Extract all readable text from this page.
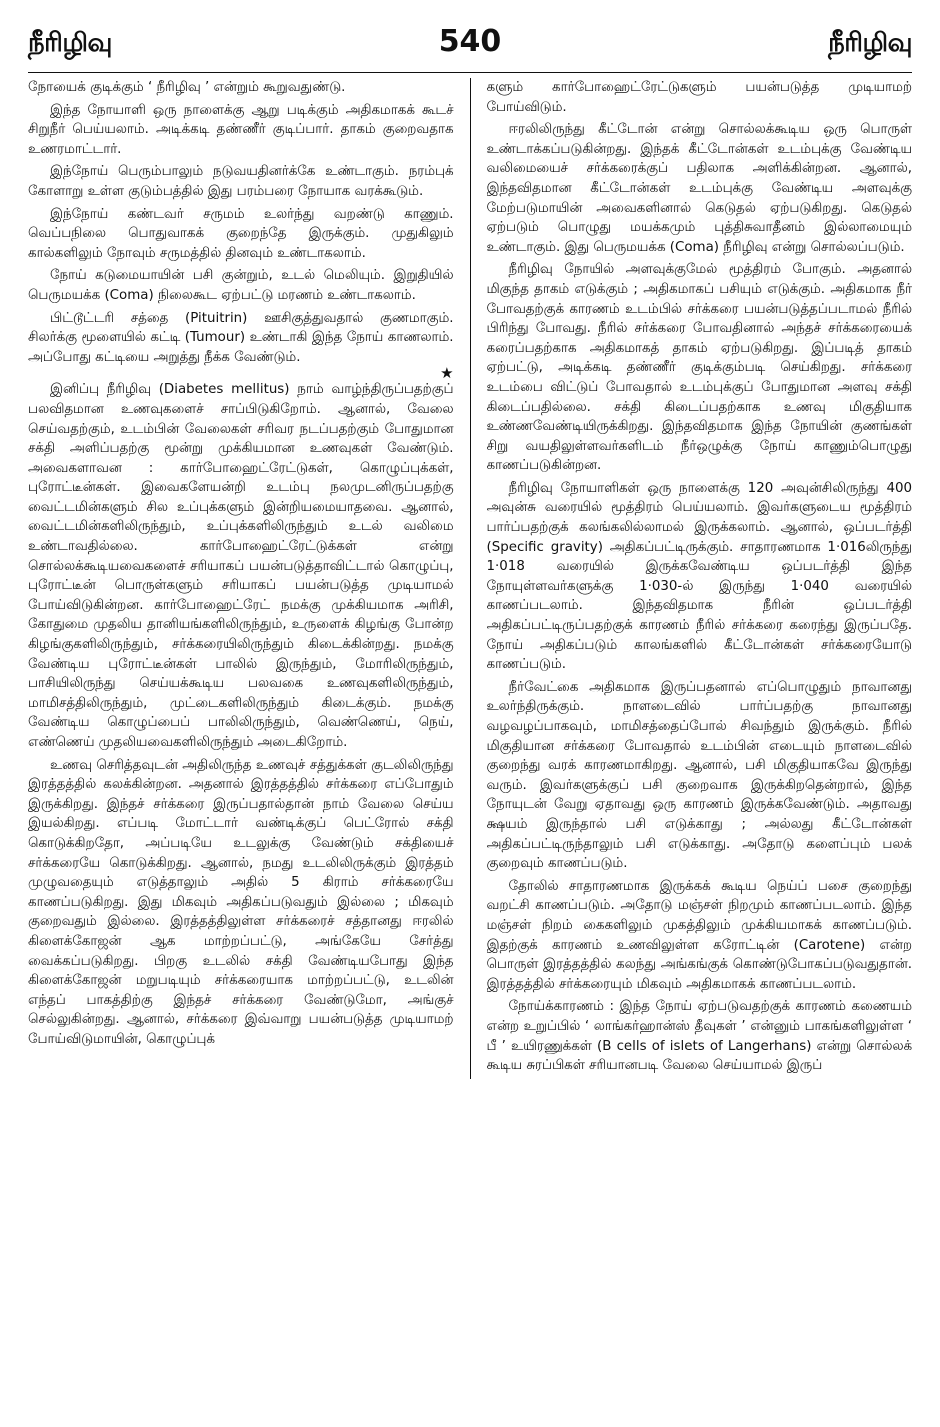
நீரிழிவு	540	நீரிழிவு

நோயைக் குடிக்கும் ‘ நீரிழிவு ’ என்றும் கூறுவதுண்டு.

இந்த நோயாளி ஒரு நாளைக்கு ஆறு படிக்கும் அதிகமாகக் கூடச் சிறுநீர் பெய்யலாம். அடிக்கடி தண்ணீர் குடிப்பார். தாகம் குறைவதாக உணரமாட்டார்.

இந்நோய் பெரும்பாலும் நடுவயதினர்க்கே உண்டாகும். நரம்புக் கோளாறு உள்ள குடும்பத்தில் இது பரம்பரை நோயாக வரக்கூடும்.

இந்நோய் கண்டவர் சருமம் உலர்ந்து வறண்டு காணும். வெப்பநிலை பொதுவாகக் குறைந்தே இருக்கும். முதுகிலும் கால்களிலும் நோவும் சருமத்தில் தினவும் உண்டாகலாம்.

நோய் கடுமையாயின் பசி குன்றும், உடல் மெலியும். இறுதியில் பெருமயக்க (Coma) நிலைகூட ஏற்பட்டு மரணம் உண்டாகலாம்.

பிட்டூட்டரி சத்தை (Pituitrin) ஊசிகுத்துவதால் குணமாகும். சிலர்க்கு மூளையில் கட்டி (Tumour) உண்டாகி இந்த நோய் காணலாம். அப்போது கட்டியை அறுத்து நீக்க வேண்டும்.

★

இனிப்பு நீரிழிவு (Diabetes mellitus) நாம் வாழ்ந்திருப்பதற்குப் பலவிதமான உணவுகளைச் சாப்பிடுகிறோம். ஆனால், வேலை செய்வதற்கும், உடம்பின் வேலைகள் சரிவர நடப்பதற்கும் போதுமான சக்தி அளிப்பதற்கு மூன்று முக்கியமான உணவுகள் வேண்டும். அவைகளாவன : கார்போஹைட்ரேட்டுகள், கொழுப்புக்கள், புரோட்டீன்கள். இவைகளேயன்றி உடம்பு நலமுடனிருப்பதற்கு வைட்டமின்களும் சில உப்புக்களும் இன்றியமையாதவை. ஆனால், வைட்டமின்களிலிருந்தும், உப்புக்களிலிருந்தும் உடல் வலிமை உண்டாவதில்லை. கார்போஹைட்ரேட்டுக்கள் என்று சொல்லக்கூடியவைகளைச் சரியாகப் பயன்படுத்தாவிட்டால் கொழுப்பு, புரோட்டீன் பொருள்களும் சரியாகப் பயன்படுத்த முடியாமல் போய்விடுகின்றன. கார்போஹைட்ரேட் நமக்கு முக்கியமாக அரிசி, கோதுமை முதலிய தானியங்களிலிருந்தும், உருளைக் கிழங்கு போன்ற கிழங்குகளிலிருந்தும், சர்க்கரையிலிருந்தும் கிடைக்கின்றது. நமக்கு வேண்டிய புரோட்டீன்கள் பாலில் இருந்தும், மோரிலிருந்தும், பாசியிலிருந்து செய்யக்கூடிய பலவகை உணவுகளிலிருந்தும், மாமிசத்திலிருந்தும், முட்டைகளிலிருந்தும் கிடைக்கும். நமக்கு வேண்டிய கொழுப்பைப் பாலிலிருந்தும், வெண்ணெய், நெய், எண்ணெய் முதலியவைகளிலிருந்தும் அடைகிறோம்.

உணவு செரித்தவுடன் அதிலிருந்த உணவுச் சத்துக்கள் குடலிலிருந்து இரத்தத்தில் கலக்கின்றன. அதனால் இரத்தத்தில் சர்க்கரை எப்போதும் இருக்கிறது. இந்தச் சர்க்கரை இருப்பதால்தான் நாம் வேலை செய்ய இயல்கிறது. எப்படி மோட்டார் வண்டிக்குப் பெட்ரோல் சக்தி கொடுக்கிறதோ, அப்படியே உடலுக்கு வேண்டும் சக்தியைச் சர்க்கரையே கொடுக்கிறது. ஆனால், நமது உடலிலிருக்கும் இரத்தம் முழுவதையும் எடுத்தாலும் அதில் 5 கிராம் சர்க்கரையே காணப்படுகிறது. இது மிகவும் அதிகப்படுவதும் இல்லை ; மிகவும் குறைவதும் இல்லை. இரத்தத்திலுள்ள சர்க்கரைச் சத்தானது ஈரலில் கிளைக்கோஜன் ஆக மாற்றப்பட்டு, அங்கேயே சேர்த்து வைக்கப்படுகிறது. பிறகு உடலில் சக்தி வேண்டியபோது இந்த கிளைக்கோஜன் மறுபடியும் சர்க்கரையாக மாற்றப்பட்டு, உடலின் எந்தப் பாகத்திற்கு இந்தச் சர்க்கரை வேண்டுமோ, அங்குச் செல்லுகின்றது. ஆனால், சர்க்கரை இவ்வாறு பயன்படுத்த முடியாமற் போய்விடுமாயின், கொழுப்புக்

களும் கார்போஹைட்ரேட்டுகளும் பயன்படுத்த முடியாமற் போய்விடும்.

ஈரலிலிருந்து கீட்டோன் என்று சொல்லக்கூடிய ஒரு பொருள் உண்டாக்கப்படுகின்றது. இந்தக் கீட்டோன்கள் உடம்புக்கு வேண்டிய வலிமையைச் சர்க்கரைக்குப் பதிலாக அளிக்கின்றன. ஆனால், இந்தவிதமான கீட்டோன்கள் உடம்புக்கு வேண்டிய அளவுக்கு மேற்படுமாயின் அவைகளினால் கெடுதல் ஏற்படுகிறது. கெடுதல் ஏற்படும் பொழுது மயக்கமும் புத்திசுவாதீனம் இல்லாமையும் உண்டாகும். இது பெருமயக்க (Coma) நீரிழிவு என்று சொல்லப்படும்.

நீரிழிவு நோயில் அளவுக்குமேல் மூத்திரம் போகும். அதனால் மிகுந்த தாகம் எடுக்கும் ; அதிகமாகப் பசியும் எடுக்கும். அதிகமாக நீர் போவதற்குக் காரணம் உடம்பில் சர்க்கரை பயன்படுத்தப்படாமல் நீரில் பிரிந்து போவது. நீரில் சர்க்கரை போவதினால் அந்தச் சர்க்கரையைக் கரைப்பதற்காக அதிகமாகத் தாகம் ஏற்படுகிறது. இப்படித் தாகம் ஏற்பட்டு, அடிக்கடி தண்ணீர் குடிக்கும்படி செய்கிறது. சர்க்கரை உடம்பை விட்டுப் போவதால் உடம்புக்குப் போதுமான அளவு சக்தி கிடைப்பதில்லை. சக்தி கிடைப்பதற்காக உணவு மிகுதியாக உண்ணவேண்டியிருக்கிறது. இந்தவிதமாக இந்த நோயின் குணங்கள் சிறு வயதிலுள்ளவர்களிடம் நீர்ஒழுக்கு நோய் காணும்பொழுது காணப்படுகின்றன.

நீரிழிவு நோயாளிகள் ஒரு நாளைக்கு 120 அவுன்சிலிருந்து 400 அவுன்சு வரையில் மூத்திரம் பெய்யலாம். இவர்களுடைய மூத்திரம் பார்ப்பதற்குக் கலங்கலில்லாமல் இருக்கலாம். ஆனால், ஒப்படர்த்தி (Specific gravity) அதிகப்பட்டிருக்கும். சாதாரணமாக 1·016லிருந்து 1·018 வரையில் இருக்கவேண்டிய ஒப்படர்த்தி இந்த நோயுள்ளவர்களுக்கு 1·030-ல் இருந்து 1·040 வரையில் காணப்படலாம். இந்தவிதமாக நீரின் ஒப்படர்த்தி அதிகப்பட்டிருப்பதற்குக் காரணம் நீரில் சர்க்கரை கரைந்து இருப்பதே. நோய் அதிகப்படும் காலங்களில் கீட்டோன்கள் சர்க்கரையோடு காணப்படும்.

நீர்வேட்கை அதிகமாக இருப்பதனால் எப்பொழுதும் நாவானது உலர்ந்திருக்கும். நாளடைவில் பார்ப்பதற்கு நாவானது வழவழப்பாகவும், மாமிசத்தைப்போல் சிவந்தும் இருக்கும். நீரில் மிகுதியான சர்க்கரை போவதால் உடம்பின் எடையும் நாளடைவில் குறைந்து வரக் காரணமாகிறது. ஆனால், பசி மிகுதியாகவே இருந்து வரும். இவர்களுக்குப் பசி குறைவாக இருக்கிறதென்றால், இந்த நோயுடன் வேறு ஏதாவது ஒரு காரணம் இருக்கவேண்டும். அதாவது க்ஷயம் இருந்தால் பசி எடுக்காது ; அல்லது கீட்டோன்கள் அதிகப்பட்டிருந்தாலும் பசி எடுக்காது. அதோடு களைப்பும் பலக் குறைவும் காணப்படும்.

தோலில் சாதாரணமாக இருக்கக் கூடிய நெய்ப் பசை குறைந்து வறட்சி காணப்படும். அதோடு மஞ்சள் நிறமும் காணப்படலாம். இந்த மஞ்சள் நிறம் கைகளிலும் முகத்திலும் முக்கியமாகக் காணப்படும். இதற்குக் காரணம் உணவிலுள்ள கரோட்டின் (Carotene) என்ற பொருள் இரத்தத்தில் கலந்து அங்கங்குக் கொண்டுபோகப்படுவதுதான். இரத்தத்தில் சர்க்கரையும் மிகவும் அதிகமாகக் காணப்படலாம்.

நோய்க்காரணம் : இந்த நோய் ஏற்படுவதற்குக் காரணம் கணையம் என்ற உறுப்பில் ‘ லாங்கர்ஹான்ஸ் தீவுகள் ’ என்னும் பாகங்களிலுள்ள ‘ பீ ’ உயிரணுக்கள் (B cells of islets of Langerhans) என்று சொல்லக் கூடிய சுரப்பிகள் சரியானபடி வேலை செய்யாமல் இருப்
